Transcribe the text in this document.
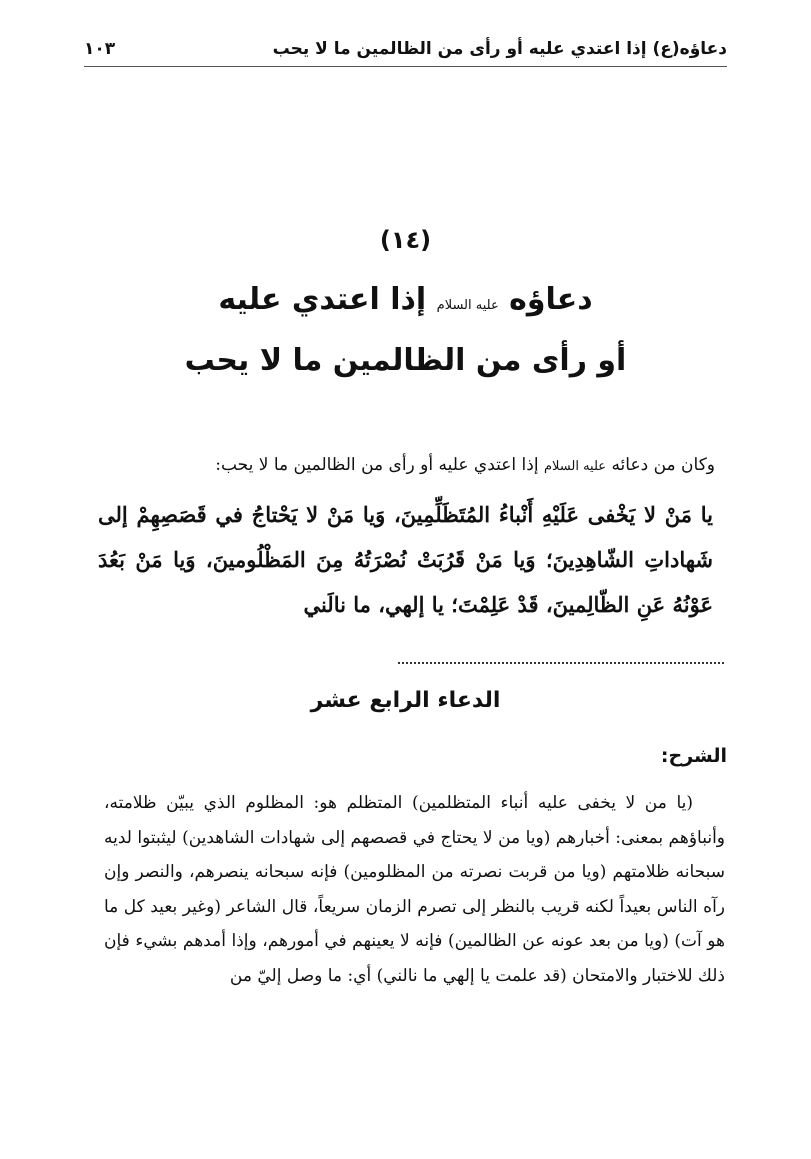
دعاؤه(ع) إذا اعتدي عليه أو رأى من الظالمين ما لا يحب
١٠٣
(١٤)
دعاؤه عليه السلام إذا اعتدي عليه
أو رأى من الظالمين ما لا يحب
وكان من دعائه عليه السلام إذا اعتدي عليه أو رأى من الظالمين ما لا يحب:
يا مَنْ لا يَخْفى عَلَيْهِ أَنْباءُ المُتَظَلِّمِينَ، وَيا مَنْ لا يَحْتاجُ في قَصَصِهِمْ إلى شَهاداتِ الشّاهِدِينَ؛ وَيا مَنْ قَرُبَتْ نُصْرَتُهُ مِنَ المَظْلُومينَ، وَيا مَنْ بَعُدَ عَوْنُهُ عَنِ الظّالِمينَ، قَدْ عَلِمْتَ؛ يا إلهي، ما نالَني
الدعاء الرابع عشر
الشرح:

(يا من لا يخفى عليه أنباء المتظلمين) المتظلم هو: المظلوم الذي يبيّن ظلامته، وأنباؤهم بمعنى: أخبارهم (ويا من لا يحتاج في قصصهم إلى شهادات الشاهدين) ليثبتوا لديه سبحانه ظلامتهم (ويا من قربت نصرته من المظلومين) فإنه سبحانه ينصرهم، والنصر وإن رآه الناس بعيداً لكنه قريب بالنظر إلى تصرم الزمان سريعاً، قال الشاعر (وغير بعيد كل ما هو آت) (ويا من بعد عونه عن الظالمين) فإنه لا يعينهم في أمورهم، وإذا أمدهم بشيء فإن ذلك للاختبار والامتحان (قد علمت يا إلهي ما نالني) أي: ما وصل إليّ من
